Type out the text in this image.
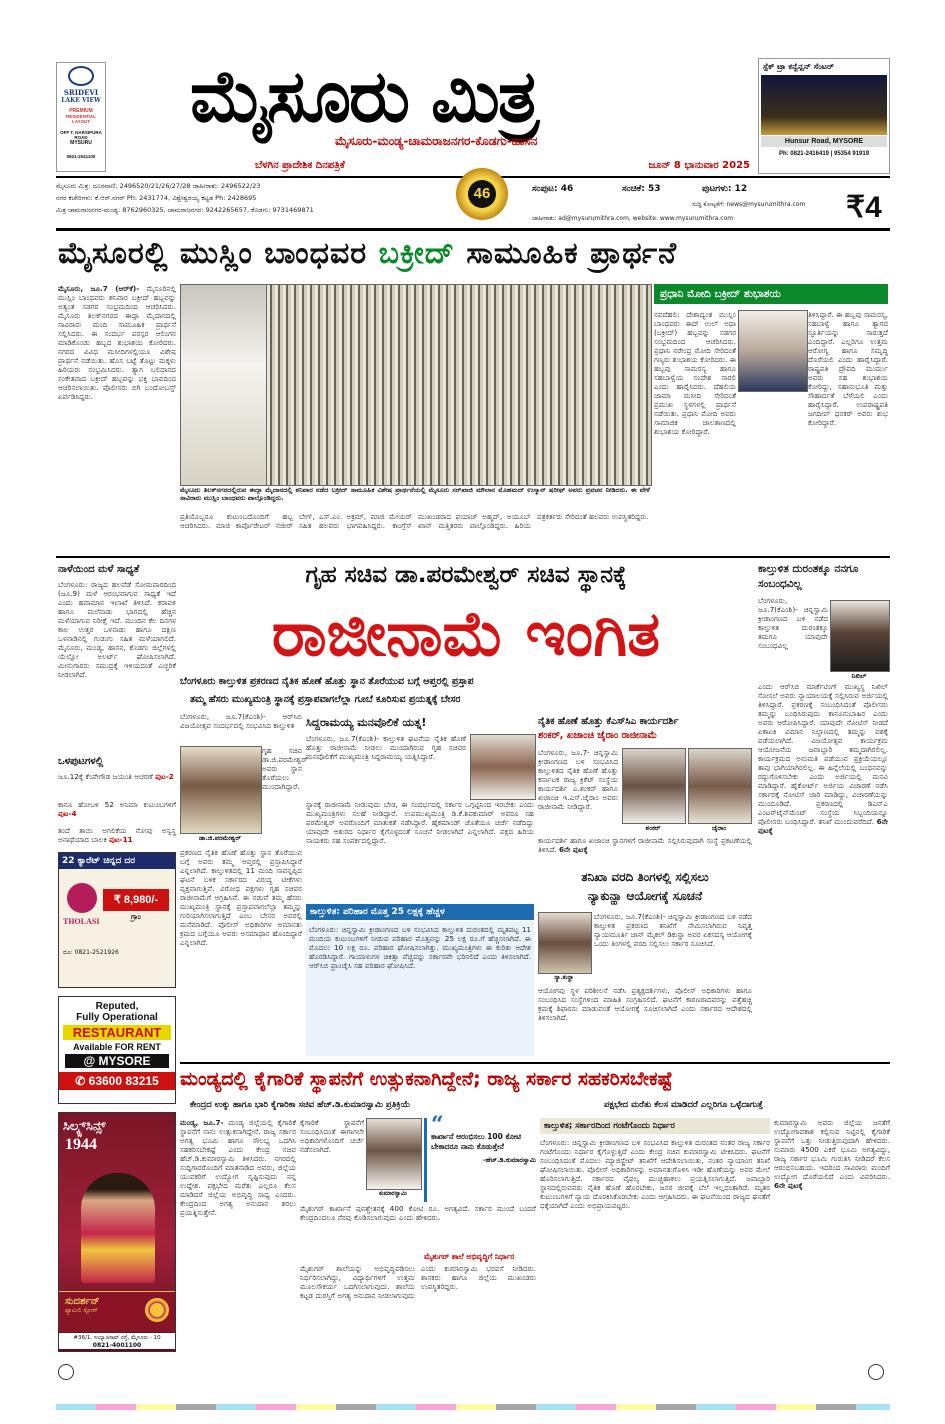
SRIDEVI
LAKE VIEW
PREMIUM
RESIDENTIAL LAYOUT
OFF T. NARSIPURA ROAD
MYSURU
0821-2541100
ಮೈಸೂರು ಮಿತ್ರ
ಮೈಸೂರು-ಮಂಡ್ಯ-ಚಾಮರಾಜನಗರ-ಕೊಡಗು-ಹಾಸನ
ಬೆಳಗಿನ ಪ್ರಾದೇಶಿಕ ದಿನಪತ್ರಿಕೆ	ಜೂನ್ 8 ಭಾನುವಾರ 2025
ಸ್ಪೆಕ್ ಟ್ರಾ ಕನ್ವೆನ್ಷನ್ ಸೆಂಟರ್
Hunsur Road, MYSORE
Ph: 0821-2416419 | 95354 91919
ಮೈಸೂರು ಮಿತ್ರ: ದೂರವಾಣಿ: 2496520/21/26/27/28 ಜಾಹೀರಾತು: 2496522/23
ನಗರ ಕಚೇರಿಗಳು: ಕೆ.ಆರ್.ನಗರ್ Ph: 2431774, ವಿಶ್ವೇಶ್ವರಯ್ಯ ಕಟ್ಟಡ Ph: 2428695
ಮಿತ್ರ ಚಾಮರಾಜನಗರ-ಮಂಡ್ಯ: 8762960325, ಚಾಮರಾಜನಗರ: 9242265657, ಕೊಡಗು: 9731469871
46	ಸಂಪುಟ: 46	ಸಂಚಿಕೆ: 53	ಪುಟಗಳು: 12
ಸುದ್ದಿ ಕೋಟ್ಟಕೆಗೆ: news@mysurumithra.com
ಜಾಹೀರಾತು: ad@mysurumithra.com, website: www.mysurumithra.com	₹4
ಮೈಸೂರಲ್ಲಿ ಮುಸ್ಲಿಂ ಬಾಂಧವರ ಬಕ್ರೀದ್ ಸಾಮೂಹಿಕ ಪ್ರಾರ್ಥನೆ
ಮೈಸೂರು, ಜೂ.7 (ಆರ್‌ಕೆ)- ಮೈಸೂರಿನಲ್ಲಿ ಮುಸ್ಲಿಂ ಬಾಂಧವರು ಶನಿವಾರ ಬಕ್ರೀದ್ ಹಬ್ಬವನ್ನು ಅತ್ಯಂತ ಸಡಗರ ಸಂಭ್ರಮದಿಂದ ಆಚರಿಸಿದರು. ಮೈಸೂರು ತಿಲಕ್‌ನಗರದ ಈದ್ಗಾ ಮೈದಾನದಲ್ಲಿ ಸಾವಿರಾರು ಮಂದಿ ಸಾಮೂಹಿಕ ಪ್ರಾರ್ಥನೆ ಸಲ್ಲಿಸಿದರು. ಈ ಸಂದರ್ಭ ಪರಸ್ಪರ ಆಲಿಂಗನ ಮಾಡಿಕೊಂಡು ಹಬ್ಬದ ಶುಭಾಶಯ ಕೋರಿದರು. ನಗರದ ವಿವಿಧ ಮಸೀದಿಗಳಲ್ಲಿಯೂ ವಿಶೇಷ ಪ್ರಾರ್ಥನೆ ನಡೆಯಿತು. ಹೊಸ ಬಟ್ಟೆ ತೊಟ್ಟು ಮಕ್ಕಳು ಹಿರಿಯರು ಸಂಭ್ರಮಿಸಿದರು. ತ್ಯಾಗ ಬಲಿದಾನದ ಸಂಕೇತವಾದ ಬಕ್ರೀದ್ ಹಬ್ಬವನ್ನು ಭಕ್ತಿ ಭಾವದಿಂದ ಆಚರಿಸಲಾಯಿತು. ಪೊಲೀಸರು ಬಿಗಿ ಬಂದೋಬಸ್ತ್ ಏರ್ಪಡಿಸಿದ್ದರು.
ಮೈಸೂರು ತಿಲಕ್‌ನಗರದಲ್ಲಿರುವ ಈದ್ಗಾ ಮೈದಾನದಲ್ಲಿ ಶನಿವಾರ ನಡೆದ ಬಕ್ರೀದ್ ಸಾಮೂಹಿಕ ವಿಶೇಷ ಪ್ರಾರ್ಥನೆಯಲ್ಲಿ ಮೈಸೂರು ಸರ್‌ಖಾಜಿ ಮೌಲಾನ ಮೊಹಮದ್ ಉಸ್ಮಾನ್ ಷರೀಫ್ ಅವರು ಪ್ರವಚನ ನೀಡಿದರು. ಈ ವೇಳೆ ಸಾವಿರಾರು ಮುಸ್ಲಿಂ ಬಾಂಧವರು ಪಾಲ್ಗೊಂಡಿದ್ದರು.
ಪ್ರತಿಯೊಬ್ಬರೂ ಕುಟುಂಬದೊಂದಿಗೆ ಹಬ್ಬ ಆಚರಿಸಿದರು. ಮಾಜಿ ಕಾರ್ಪೊರೇಟರ್ ನಜೀರ್ ಬೇಗ್, ಎಸ್.ಎಂ. ಅಕ್ರಮ್, ಮಾಜಿ ಮೇಯರ್ ಸಹಿತ ಹಲವರು ಭಾಗವಹಿಸಿದ್ದರು. ಕಾಂಗ್ರೆಸ್ ಮುಖಂಡರಾದ ಫಯಾಜ್ ಅಹ್ಮದ್, ಅಯೂಬ್ ಖಾನ್ ಮತ್ತಿತರರು ಪಾಲ್ಗೊಂಡಿದ್ದರು. ಹಿರಿಯ ಪತ್ರಕರ್ತರು ಸೇರಿದಂತೆ ಹಲವರು ಉಪಸ್ಥಿತರಿದ್ದರು.
ಪ್ರಧಾನಿ ಮೋದಿ ಬಕ್ರೀದ್ ಶುಭಾಶಯ
ನವದೆಹಲಿ: ದೇಶಾದ್ಯಂತ ಮುಸ್ಲಿಂ ಬಾಂಧವರು ಈದ್ ಉಲ್ ಅಧಾ (ಬಕ್ರೀದ್) ಹಬ್ಬವನ್ನು ಸಡಗರ ಸಂಭ್ರಮದಿಂದ ಆಚರಿಸಿದರು. ಪ್ರಧಾನಿ ನರೇಂದ್ರ ಮೋದಿ ಸೇರಿದಂತೆ ಗಣ್ಯರು ಶುಭಾಶಯ ಕೋರಿದರು. ಈ ಹಬ್ಬವು ಸಾಮರಸ್ಯ ಹಾಗೂ ಸಹಬಾಳ್ವೆಯ ಸಂದೇಶ ಸಾರಲಿ ಎಂದು ಹಾರೈಸಿದರು. ದೆಹಲಿಯ ಜಾಮಾ ಮಸೀದಿ ಸೇರಿದಂತೆ ಪ್ರಮುಖ ಸ್ಥಳಗಳಲ್ಲಿ ಪ್ರಾರ್ಥನೆ ನಡೆಯಿತು. ಪ್ರಧಾನಿ ಮೋದಿ ಅವರು ಸಾಮಾಜಿಕ ಜಾಲತಾಣದಲ್ಲಿ ಶುಭಾಶಯ ಕೋರಿದ್ದಾರೆ.
ತಿಳಿಸಿದ್ದಾರೆ. ಈ ಹಬ್ಬವು ಸಾಮರಸ್ಯ, ಸಹಬಾಳ್ವೆ ಹಾಗೂ ತ್ಯಾಗದ ಸ್ಫೂರ್ತಿಯನ್ನು ಸಾರುತ್ತದೆ ಎಂದಿದ್ದಾರೆ. ಎಲ್ಲರಿಗೂ ಉತ್ತಮ ಆರೋಗ್ಯ ಹಾಗೂ ಸಮೃದ್ಧಿ ದೊರೆಯಲಿ ಎಂದು ಹಾರೈಸಿದ್ದಾರೆ. ರಾಷ್ಟ್ರಪತಿ ದ್ರೌಪದಿ ಮುರ್ಮು ಅವರು ಸಹ ಶುಭಾಶಯ ಕೋರಿದ್ದು, ಸಹಾನುಭೂತಿ ಮತ್ತು ಸೌಹಾರ್ದತೆ ಬೆಳೆಯಲಿ ಎಂದು ಹಾರೈಸಿದ್ದಾರೆ. ಉಪರಾಷ್ಟ್ರಪತಿ ಜಗದೀಪ್ ಧನಕರ್ ಅವರು ಶುಭ ಕೋರಿದ್ದಾರೆ.
ನಾಳೆಯಿಂದ ಮಳೆ ಸಾಧ್ಯತೆ
ಬೆಂಗಳೂರು: ರಾಜ್ಯದ ಹಲವೆಡೆ ಸೋಮವಾರದಿಂದ (ಜೂ.9) ಮಳೆ ಆರಂಭವಾಗುವ ಸಾಧ್ಯತೆ ಇದೆ ಎಂದು ಹವಾಮಾನ ಇಲಾಖೆ ತಿಳಿಸಿದೆ. ಕರಾವಳಿ ಹಾಗೂ ಮಲೆನಾಡು ಭಾಗದಲ್ಲಿ ಹೆಚ್ಚಿನ ಮಳೆಯಾಗುವ ನಿರೀಕ್ಷೆ ಇದೆ. ಮುಂದಿನ ಕೆಲ ದಿನಗಳ ಕಾಲ ಉತ್ತರ ಒಳನಾಡು ಹಾಗೂ ದಕ್ಷಿಣ ಒಳನಾಡಿನಲ್ಲಿ ಗುಡುಗು ಸಹಿತ ಮಳೆಯಾಗಲಿದೆ. ಮೈಸೂರು, ಮಂಡ್ಯ, ಹಾಸನ, ಕೊಡಗು ಜಿಲ್ಲೆಗಳಲ್ಲಿ ಯೆಲ್ಲೋ ಅಲರ್ಟ್ ಘೋಷಿಸಲಾಗಿದೆ. ಮೀನುಗಾರರು ಸಮುದ್ರಕ್ಕೆ ಇಳಿಯದಂತೆ ಎಚ್ಚರಿಕೆ ನೀಡಲಾಗಿದೆ.
ಒಳಪುಟಗಳಲ್ಲಿ
ಜೂ.12ಕ್ಕೆ ಕೆಂಪೇಗೌಡ ಜಯಂತಿ ಆಚರಣೆ ಪುಟ-2
ಕಾನೂ ಹೋಬಳಿ 52 ಅನಿಮಾ ಕುಟುಂಬಗಳಿಗೆ ಪುಟ-4
ತಂದೆ ತಾಯಿ ಅಗಲಿಕೆಯ ನೋವು ಅಸ್ವಸ್ಥ ಅನಾಥೆಯಾದ ಬಾಲಕಿ ಪುಟ-11
22 ಕ್ಯಾರೆಟ್ ಚಿನ್ನದ ದರ
THOLASI
₹ 8,980/-
ಗ್ರಾಂ
ದೂ: 0821-2521926
Reputed,
Fully Operational
RESTAURANT
Available FOR RENT
@ MYSORE
✆ 63600 83215
ಗೃಹ ಸಚಿವ ಡಾ.ಪರಮೇಶ್ವರ್ ಸಚಿವ ಸ್ಥಾನಕ್ಕೆ
ರಾಜೀನಾಮೆ ಇಂಗಿತ
ಬೆಂಗಳೂರು ಕಾಲ್ತುಳಿತ ಪ್ರಕರಣದ ನೈತಿಕ ಹೊಣೆ ಹೊತ್ತು ಸ್ಥಾನ ತೊರೆಯುವ ಬಗ್ಗೆ ಆಪ್ತರಲ್ಲಿ ಪ್ರಸ್ತಾಪ
ತಮ್ಮ ಹೆಸರು ಮುಖ್ಯಮಂತ್ರಿ ಸ್ಥಾನಕ್ಕೆ ಪ್ರಸ್ತಾಪವಾಗಲೆಲ್ಲಾ ಗೂಬೆ ಕೂರಿಸುವ ಪ್ರಯತ್ನಕ್ಕೆ ಬೇಸರ
ಬೆಂಗಳೂರು, ಜೂ.7(ಕೆಎಂಶಿ)- ಆರ್‌ಸಿಬಿ ವಿಜಯೋತ್ಸವ ಸಂದರ್ಭದಲ್ಲಿ ಸಂಭವಿಸಿದ ಕಾಲ್ತುಳಿತ
ಡಾ.ಜಿ.ಪರಮೇಶ್ವರ್
ಗೃಹ ಸಚಿವ ಡಾ.ಜಿ.ಪರಮೇಶ್ವರ್ ಅವರು ಸ್ಥಾನ ತೊರೆಯಲು ಮುಂದಾಗಿದ್ದಾರೆ.
ಪ್ರಕರಣದ ನೈತಿಕ ಹೊಣೆ ಹೊತ್ತು ಸ್ಥಾನ ತೊರೆಯುವ ಬಗ್ಗೆ ಅವರು ತಮ್ಮ ಆಪ್ತರಲ್ಲಿ ಪ್ರಸ್ತಾಪಿಸಿದ್ದಾರೆ ಎನ್ನಲಾಗಿದೆ. ಕಾಲ್ತುಳಿತದಲ್ಲಿ 11 ಮಂದಿ ಸಾವನ್ನಪ್ಪಿದ ಘಟನೆ ಬಳಿಕ ಸರ್ಕಾರದ ವಿರುದ್ಧ ಟೀಕೆಗಳು ವ್ಯಕ್ತವಾಗುತ್ತಿವೆ. ವಿರೋಧ ಪಕ್ಷಗಳು ಗೃಹ ಸಚಿವರ ರಾಜೀನಾಮೆಗೆ ಆಗ್ರಹಿಸಿವೆ. ಈ ನಡುವೆ ತಮ್ಮ ಹೆಸರು ಮುಖ್ಯಮಂತ್ರಿ ಸ್ಥಾನಕ್ಕೆ ಪ್ರಸ್ತಾಪವಾಗಲೆಲ್ಲಾ ತಮ್ಮನ್ನು ಗುರಿಯಾಗಿಸಲಾಗುತ್ತಿದೆ ಎಂಬ ಬೇಸರ ಅವರಲ್ಲಿ ಮನೆಮಾಡಿದೆ. ಪೊಲೀಸ್ ಅಧಿಕಾರಿಗಳ ಅಮಾನತು ಕ್ರಮದ ಬಗ್ಗೆಯೂ ಅವರು ಅಸಮಾಧಾನ ಹೊಂದಿದ್ದಾರೆ ಎನ್ನಲಾಗಿದೆ.
ಸಿದ್ದರಾಮಯ್ಯ ಮನವೊಲಿಕೆ ಯತ್ನ!
ಬೆಂಗಳೂರು, ಜೂ.7(ಕೆಎಂಶಿ)- ಕಾಲ್ತುಳಿತ ಘಟನೆಯ ನೈತಿಕ ಹೊಣೆ ಹೊತ್ತು ರಾಜೀನಾಮೆ ನೀಡಲು ಮುಂದಾಗಿರುವ ಗೃಹ ಸಚಿವರ ಮನವೊಲಿಕೆಗೆ ಮುಖ್ಯಮಂತ್ರಿ ಸಿದ್ದರಾಮಯ್ಯ ಯತ್ನಿಸಿದ್ದಾರೆ.
ಸ್ಥಾನಕ್ಕೆ ರಾಜೀನಾಮೆ ನೀಡುವುದು ಬೇಡ, ಈ ಸಂದರ್ಭದಲ್ಲಿ ಸರ್ಕಾರ ಒಗ್ಗಟ್ಟಿನಿಂದ ಇರಬೇಕು ಎಂದು ಮುಖ್ಯಮಂತ್ರಿಗಳು ಸಲಹೆ ನೀಡಿದ್ದಾರೆ. ಉಪಮುಖ್ಯಮಂತ್ರಿ ಡಿ.ಕೆ.ಶಿವಕುಮಾರ್ ಅವರೂ ಸಹ ಪರಮೇಶ್ವರ್ ಅವರೊಂದಿಗೆ ಮಾತುಕತೆ ನಡೆಸಿದ್ದಾರೆ. ಹೈಕಮಾಂಡ್ ಜೊತೆಯೂ ಚರ್ಚೆ ನಡೆದಿದ್ದು ಯಾವುದೇ ಆತುರದ ನಿರ್ಧಾರ ಕೈಗೊಳ್ಳದಂತೆ ಸೂಚನೆ ನೀಡಲಾಗಿದೆ ಎನ್ನಲಾಗಿದೆ. ಪಕ್ಷದ ಹಿರಿಯ ನಾಯಕರು ಸಹ ಸಂಪರ್ಕದಲ್ಲಿದ್ದಾರೆ.
ಕಾಲ್ತುಳಿತ: ಪರಿಹಾರ ಮೊತ್ತ 25 ಲಕ್ಷಕ್ಕೆ ಹೆಚ್ಚಳ
ಬೆಂಗಳೂರು: ಚಿನ್ನಸ್ವಾಮಿ ಕ್ರೀಡಾಂಗಣದ ಬಳಿ ಸಂಭವಿಸಿದ ಕಾಲ್ತುಳಿತ ದುರಂತದಲ್ಲಿ ಮೃತಪಟ್ಟ 11 ಮಂದಿಯ ಕುಟುಂಬಗಳಿಗೆ ನೀಡುವ ಪರಿಹಾರ ಮೊತ್ತವನ್ನು 25 ಲಕ್ಷ ರೂ.ಗೆ ಹೆಚ್ಚಿಸಲಾಗಿದೆ. ಈ ಮೊದಲು 10 ಲಕ್ಷ ರೂ. ಪರಿಹಾರ ಘೋಷಿಸಲಾಗಿತ್ತು. ಮುಖ್ಯಮಂತ್ರಿಗಳು ಈ ಕುರಿತು ಆದೇಶ ಹೊರಡಿಸಿದ್ದಾರೆ. ಗಾಯಾಳುಗಳ ಚಿಕಿತ್ಸಾ ವೆಚ್ಚವನ್ನು ಸರ್ಕಾರವೇ ಭರಿಸಲಿದೆ ಎಂದು ತಿಳಿಸಲಾಗಿದೆ. ಆರ್‌ಸಿಬಿ ಫ್ರಾಂಚೈಸಿ ಸಹ ಪರಿಹಾರ ಘೋಷಿಸಿದೆ.
ನೈತಿಕ ಹೊಣೆ ಹೊತ್ತು ಕೆಎಸ್‌ಸಿಎ ಕಾರ್ಯದರ್ಶಿ
ಶಂಕರ್, ಖಜಾಂಚಿ ಜೈರಾಂ ರಾಜೀನಾಮೆ
ಬೆಂಗಳೂರು, ಜೂ.7- ಚಿನ್ನಸ್ವಾಮಿ ಕ್ರೀಡಾಂಗಣದ ಬಳಿ ಸಂಭವಿಸಿದ ಕಾಲ್ತುಳಿತದ ನೈತಿಕ ಹೊಣೆ ಹೊತ್ತು ಕರ್ನಾಟಕ ರಾಜ್ಯ ಕ್ರಿಕೆಟ್ ಸಂಸ್ಥೆಯ ಕಾರ್ಯದರ್ಶಿ ಎ.ಶಂಕರ್ ಹಾಗೂ ಖಜಾಂಚಿ ಇ.ಎಸ್.ಜೈರಾಂ ಅವರು ರಾಜೀನಾಮೆ ನೀಡಿದ್ದಾರೆ.
ಶಂಕರ್	ಜೈರಾಂ
ಕಾರ್ಯದರ್ಶಿ ಹಾಗೂ ಖಜಾಂಚಿ ಸ್ಥಾನಗಳಿಗೆ ರಾಜೀನಾಮೆ ಸಲ್ಲಿಸಿರುವುದಾಗಿ ಸಂಸ್ಥೆ ಪ್ರಕಟಣೆಯಲ್ಲಿ ತಿಳಿಸಿದೆ. 6ನೇ ಪುಟಕ್ಕೆ
ತನಿಖಾ ವರದಿ ತಿಂಗಳಲ್ಲಿ ಸಲ್ಲಿಸಲು
ನ್ಯಾಕುನ್ಹಾ ಆಯೋಗಕ್ಕೆ ಸೂಚನೆ
ನ್ಯಾ.ಕುನ್ಹಾ
ಬೆಂಗಳೂರು, ಜೂ.7(ಕೆಎಂಶಿ)- ಚಿನ್ನಸ್ವಾಮಿ ಕ್ರೀಡಾಂಗಣದ ಬಳಿ ನಡೆದ ಕಾಲ್ತುಳಿತ ಪ್ರಕರಣದ ತನಿಖೆಗೆ ನೇಮಿಸಲಾಗಿರುವ ನಿವೃತ್ತ ನ್ಯಾಯಮೂರ್ತಿ ಜಾನ್ ಮೈಕಲ್ ಡಿಕುನ್ಹಾ ಅವರ ಏಕಸದಸ್ಯ ಆಯೋಗಕ್ಕೆ ಒಂದು ತಿಂಗಳಲ್ಲಿ ವರದಿ ಸಲ್ಲಿಸಲು ಸರ್ಕಾರ ಸೂಚಿಸಿದೆ.
ಆಯೋಗವು ಸ್ಥಳ ಪರಿಶೀಲನೆ ನಡೆಸಿ ಪ್ರತ್ಯಕ್ಷದರ್ಶಿಗಳು, ಪೊಲೀಸ್ ಅಧಿಕಾರಿಗಳು ಹಾಗೂ ಸಂಬಂಧಿಸಿದ ಸಂಸ್ಥೆಗಳಿಂದ ಮಾಹಿತಿ ಸಂಗ್ರಹಿಸಲಿದೆ. ಘಟನೆಗೆ ಕಾರಣರಾದವರನ್ನು ಪತ್ತೆಹಚ್ಚಿ ಕ್ರಮಕ್ಕೆ ಶಿಫಾರಸು ಮಾಡುವಂತೆ ಆಯೋಗಕ್ಕೆ ಸೂಚಿಸಲಾಗಿದೆ ಎಂದು ಸರ್ಕಾರದ ಆದೇಶದಲ್ಲಿ ತಿಳಿಸಲಾಗಿದೆ.
ಕಾಲ್ತುಳಿತ ದುರಂತಕ್ಕೂ ನನಗೂ ಸಂಬಂಧವಿಲ್ಲ
ಬೆಂಗಳೂರು, ಜೂ.7(ಕೆಎಂಶಿ)- ಚಿನ್ನಸ್ವಾಮಿ ಕ್ರೀಡಾಂಗಣದ ಬಳಿ ನಡೆದ ಕಾಲ್ತುಳಿತ ದುರಂತಕ್ಕೂ ತಮಗೂ ಯಾವುದೇ ಸಂಬಂಧವಿಲ್ಲ
ನಿಖಿಲ್
ಎಂದು ಆರ್‌ಸಿಬಿ ಮಾರ್ಕೆಟಿಂಗ್ ಮುಖ್ಯಸ್ಥ ನಿಖಿಲ್ ಸೋಸಲೆ ಅವರು ನ್ಯಾಯಾಲಯಕ್ಕೆ ಸಲ್ಲಿಸಿರುವ ಅರ್ಜಿಯಲ್ಲಿ ತಿಳಿಸಿದ್ದಾರೆ. ಪ್ರಕರಣಕ್ಕೆ ಸಂಬಂಧಿಸಿದಂತೆ ಪೊಲೀಸರು ತಮ್ಮನ್ನು ಬಂಧಿಸಿರುವುದು ಕಾನೂನುಬಾಹಿರ ಎಂದು ಅವರು ಆರೋಪಿಸಿದ್ದಾರೆ. ಯಾವುದೇ ನೋಟಿಸ್ ನೀಡದೆ ಏಕಾಏಕಿ ವಿಮಾನ ನಿಲ್ದಾಣದಲ್ಲಿ ತಮ್ಮನ್ನು ವಶಕ್ಕೆ ಪಡೆಯಲಾಗಿದೆ. ವಿಜಯೋತ್ಸವ ಕಾರ್ಯಕ್ರಮ ಆಯೋಜನೆಯ ಜವಾಬ್ದಾರಿ ತಮ್ಮದಾಗಿರಲಿಲ್ಲ. ಕಾರ್ಯಕ್ರಮದ ಅನುಮತಿ ಪಡೆಯುವ ಪ್ರಕ್ರಿಯೆಯಲ್ಲೂ ತಾವು ಭಾಗಿಯಾಗಿರಲಿಲ್ಲ. ಈ ಹಿನ್ನೆಲೆಯಲ್ಲಿ ಬಂಧನವನ್ನು ರದ್ದುಗೊಳಿಸಬೇಕು ಎಂದು ಅರ್ಜಿಯಲ್ಲಿ ಮನವಿ ಮಾಡಿದ್ದಾರೆ. ಹೈಕೋರ್ಟ್ ಅರ್ಜಿಯ ವಿಚಾರಣೆ ನಡೆಸಿ ಸರ್ಕಾರಕ್ಕೆ ನೋಟಿಸ್ ಜಾರಿ ಮಾಡಿದ್ದು, ವಿಚಾರಣೆಯನ್ನು ಮುಂದೂಡಿದೆ. ಪ್ರಕರಣದಲ್ಲಿ ಡಿಎನ್‌ಎ ಎಂಟರ್‌ಟೈನ್‌ಮೆಂಟ್ ಸಂಸ್ಥೆಯ ಸಿಬ್ಬಂದಿಯನ್ನೂ ಪೊಲೀಸರು ಬಂಧಿಸಿದ್ದಾರೆ. ತನಿಖೆ ಮುಂದುವರೆದಿದೆ. 6ನೇ ಪುಟಕ್ಕೆ
ಮಂಡ್ಯದಲ್ಲಿ ಕೈಗಾರಿಕೆ ಸ್ಥಾಪನೆಗೆ ಉತ್ಸುಕನಾಗಿದ್ದೇನೆ; ರಾಜ್ಯ ಸರ್ಕಾರ ಸಹಕರಿಸಬೇಕಷ್ಟೆ
ಕೇಂದ್ರದ ಉಕ್ಕು ಹಾಗೂ ಭಾರಿ ಕೈಗಾರಿಕಾ ಸಚಿವ ಹೆಚ್.ಡಿ.ಕುಮಾರಸ್ವಾಮಿ ಪ್ರತಿಕ್ರಿಯೆ	ಪಕ್ಷಭೇದ ಮರೆತು ಕೆಲಸ ಮಾಡಿದರೆ ಎಲ್ಲರಿಗೂ ಒಳ್ಳೆದಾಗುತ್ತೆ
ಮಂಡ್ಯ, ಜೂ.7- ಮಂಡ್ಯ ಜಿಲ್ಲೆಯಲ್ಲಿ ಕೈಗಾರಿಕೆ ಸ್ಥಾಪನೆಗೆ ನಾನು ಉತ್ಸುಕನಾಗಿದ್ದೇನೆ. ರಾಜ್ಯ ಸರ್ಕಾರ ಅಗತ್ಯ ಭೂಮಿ ಹಾಗೂ ಸೌಲಭ್ಯ ಒದಗಿಸಿ ಸಹಕರಿಸಬೇಕಷ್ಟೆ ಎಂದು ಕೇಂದ್ರ ಸಚಿವ ಹೆಚ್.ಡಿ.ಕುಮಾರಸ್ವಾಮಿ ತಿಳಿಸಿದರು. ನಗರದಲ್ಲಿ ಸುದ್ದಿಗಾರರೊಂದಿಗೆ ಮಾತನಾಡಿದ ಅವರು, ಜಿಲ್ಲೆಯ ಯುವಕರಿಗೆ ಉದ್ಯೋಗ ಸೃಷ್ಟಿಸುವುದು ನನ್ನ ಉದ್ದೇಶ. ಪಕ್ಷಭೇದ ಮರೆತು ಎಲ್ಲರೂ ಕೆಲಸ ಮಾಡಿದರೆ ಜಿಲ್ಲೆಯ ಅಭಿವೃದ್ಧಿ ಸಾಧ್ಯ ಎಂದರು. ಕೇಂದ್ರದಿಂದ ಅಗತ್ಯ ಅನುದಾನ ತರಲು ಪ್ರಯತ್ನಿಸುತ್ತೇನೆ.
ಕೈಗಾರಿಕೆ ಸ್ಥಾಪನೆಗೆ ಸಂಬಂಧಿಸಿದಂತೆ ಈಗಾಗಲೇ ಅಧಿಕಾರಿಗಳೊಂದಿಗೆ ಚರ್ಚೆ ನಡೆಸಲಾಗಿದೆ.
ಕುಮಾರಸ್ವಾಮಿ
“
ಕಾರ್ಖಾನೆ ಆರಂಭಿಸಲು 100 ಕೋಟಿ ಬೇಕಾದರೂ ನಾನು ಕೊಡುತ್ತೇನೆ
-ಹೆಚ್.ಡಿ.ಕುಮಾರಸ್ವಾಮಿ
ಮೈಶುಗರ್ ಕಾರ್ಖಾನೆ ಪುನಶ್ಚೇತನಕ್ಕೆ 400 ಕೋಟಿ ರೂ. ಅಗತ್ಯವಿದೆ. ಸರ್ಕಾರ ಮುಂದೆ ಬಂದರೆ ಕೇಂದ್ರದಿಂದಲೂ ನೆರವು ಕೊಡಿಸಲಾಗುವುದು ಎಂದು ಹೇಳಿದರು.
ಮೈಶುಗರ್ ಶಾಲೆ ಅಭಿವೃದ್ಧಿಗೆ ನಿರ್ಧಾರ
ಮೈಶುಗರ್ ಶಾಲೆಯನ್ನು ಅಭಿವೃದ್ಧಿಪಡಿಸಲು ನಿರ್ಧರಿಸಲಾಗಿದ್ದು, ವಿದ್ಯಾರ್ಥಿಗಳಿಗೆ ಉತ್ತಮ ಮೂಲಸೌಕರ್ಯ ಒದಗಿಸಲಾಗುವುದು. ಶಾಲೆಯ ಕಟ್ಟಡ ದುರಸ್ತಿಗೆ ಅಗತ್ಯ ಅನುದಾನ ನೀಡಲಾಗುವುದು ಎಂದು ಕುಮಾರಸ್ವಾಮಿ ಭರವಸೆ ನೀಡಿದರು. ಶಾಸಕರು ಹಾಗೂ ಜಿಲ್ಲೆಯ ಮುಖಂಡರು ಉಪಸ್ಥಿತರಿದ್ದರು.
ಕಾಲ್ತುಳಿತ; ಸರ್ಕಾರದಿಂದ ಗಂಟೆಗೊಂದು ನಿರ್ಧಾರ
ಬೆಂಗಳೂರು: ಚಿನ್ನಸ್ವಾಮಿ ಕ್ರೀಡಾಂಗಣದ ಬಳಿ ಸಂಭವಿಸಿದ ಕಾಲ್ತುಳಿತ ದುರಂತದ ನಂತರ ರಾಜ್ಯ ಸರ್ಕಾರ ಗಂಟೆಗೊಂದು ನಿರ್ಧಾರ ಕೈಗೊಳ್ಳುತ್ತಿದೆ ಎಂದು ಕೇಂದ್ರ ಸಚಿವ ಕುಮಾರಸ್ವಾಮಿ ಟೀಕಿಸಿದರು. ಘಟನೆಗೆ ಸಂಬಂಧಿಸಿದಂತೆ ಮೊದಲು ಮ್ಯಾಜಿಸ್ಟ್ರೇಟ್ ತನಿಖೆಗೆ ಆದೇಶಿಸಲಾಯಿತು, ನಂತರ ನ್ಯಾಯಾಂಗ ತನಿಖೆ ಘೋಷಿಸಲಾಯಿತು. ಪೊಲೀಸ್ ಅಧಿಕಾರಿಗಳನ್ನು ಅಮಾನತುಗೊಳಿಸಿ ಇಡೀ ಹೊಣೆಯನ್ನು ಅವರ ಮೇಲೆ ಹೊರಿಸಲಾಗುತ್ತಿದೆ. ಸರ್ಕಾರದ ವೈಫಲ್ಯ ಮುಚ್ಚಿಹಾಕಲು ಪ್ರಯತ್ನಿಸಲಾಗುತ್ತಿದೆ. ಜವಾಬ್ದಾರಿ ಸ್ಥಾನದಲ್ಲಿರುವವರು ನೈತಿಕ ಹೊಣೆ ಹೊರಬೇಕು. ಜನರ ಜೀವಕ್ಕೆ ಬೆಲೆ ಇಲ್ಲದಂತಾಗಿದೆ. ಮೃತರ ಕುಟುಂಬಗಳಿಗೆ ನ್ಯಾಯ ದೊರಕಿಸಿಕೊಡಬೇಕು ಎಂದು ಆಗ್ರಹಿಸಿದರು. ಈ ಘಟನೆಯಿಂದ ರಾಜ್ಯದ ಘನತೆಗೆ ಧಕ್ಕೆಯಾಗಿದೆ ಎಂದು ಅಭಿಪ್ರಾಯಪಟ್ಟರು.
ಕುಮಾರಸ್ವಾಮಿ ಅವರು ಜಿಲ್ಲೆಯ ಜನತೆಗೆ ಉದ್ಯೋಗಾವಕಾಶ ಕಲ್ಪಿಸುವ ನಿಟ್ಟಿನಲ್ಲಿ ಕೈಗಾರಿಕೆ ಸ್ಥಾಪನೆಗೆ ಒತ್ತು ನೀಡುತ್ತಿರುವುದಾಗಿ ಹೇಳಿದರು. ಸುಮಾರು 4500 ಎಕರೆ ಭೂಮಿ ಅಗತ್ಯವಿದ್ದು, ರಾಜ್ಯ ಸರ್ಕಾರ ಭೂಮಿ ಗುರುತಿಸಿ ನೀಡಿದರೆ ಕೆಲಸ ಆರಂಭಿಸಬಹುದು. ಇದರಿಂದ ಸಾವಿರಾರು ಮಂದಿಗೆ ಉದ್ಯೋಗ ದೊರೆಯಲಿದೆ ಎಂದು ವಿವರಿಸಿದರು. 6ನೇ ಪುಟಕ್ಕೆ
ಸಿಲ್ಕ್ಸ್‌ಸಿನ್ಸ್
1944
ಸುದರ್ಶನ್
ಫ್ಯಾಮಿಲಿ ಸ್ಟೋರ್
#36/1, ಸಯ್ಯಾಜಿರಾವ್ ರಸ್ತೆ, ಮೈಸೂರು - 10
0821-4001100
